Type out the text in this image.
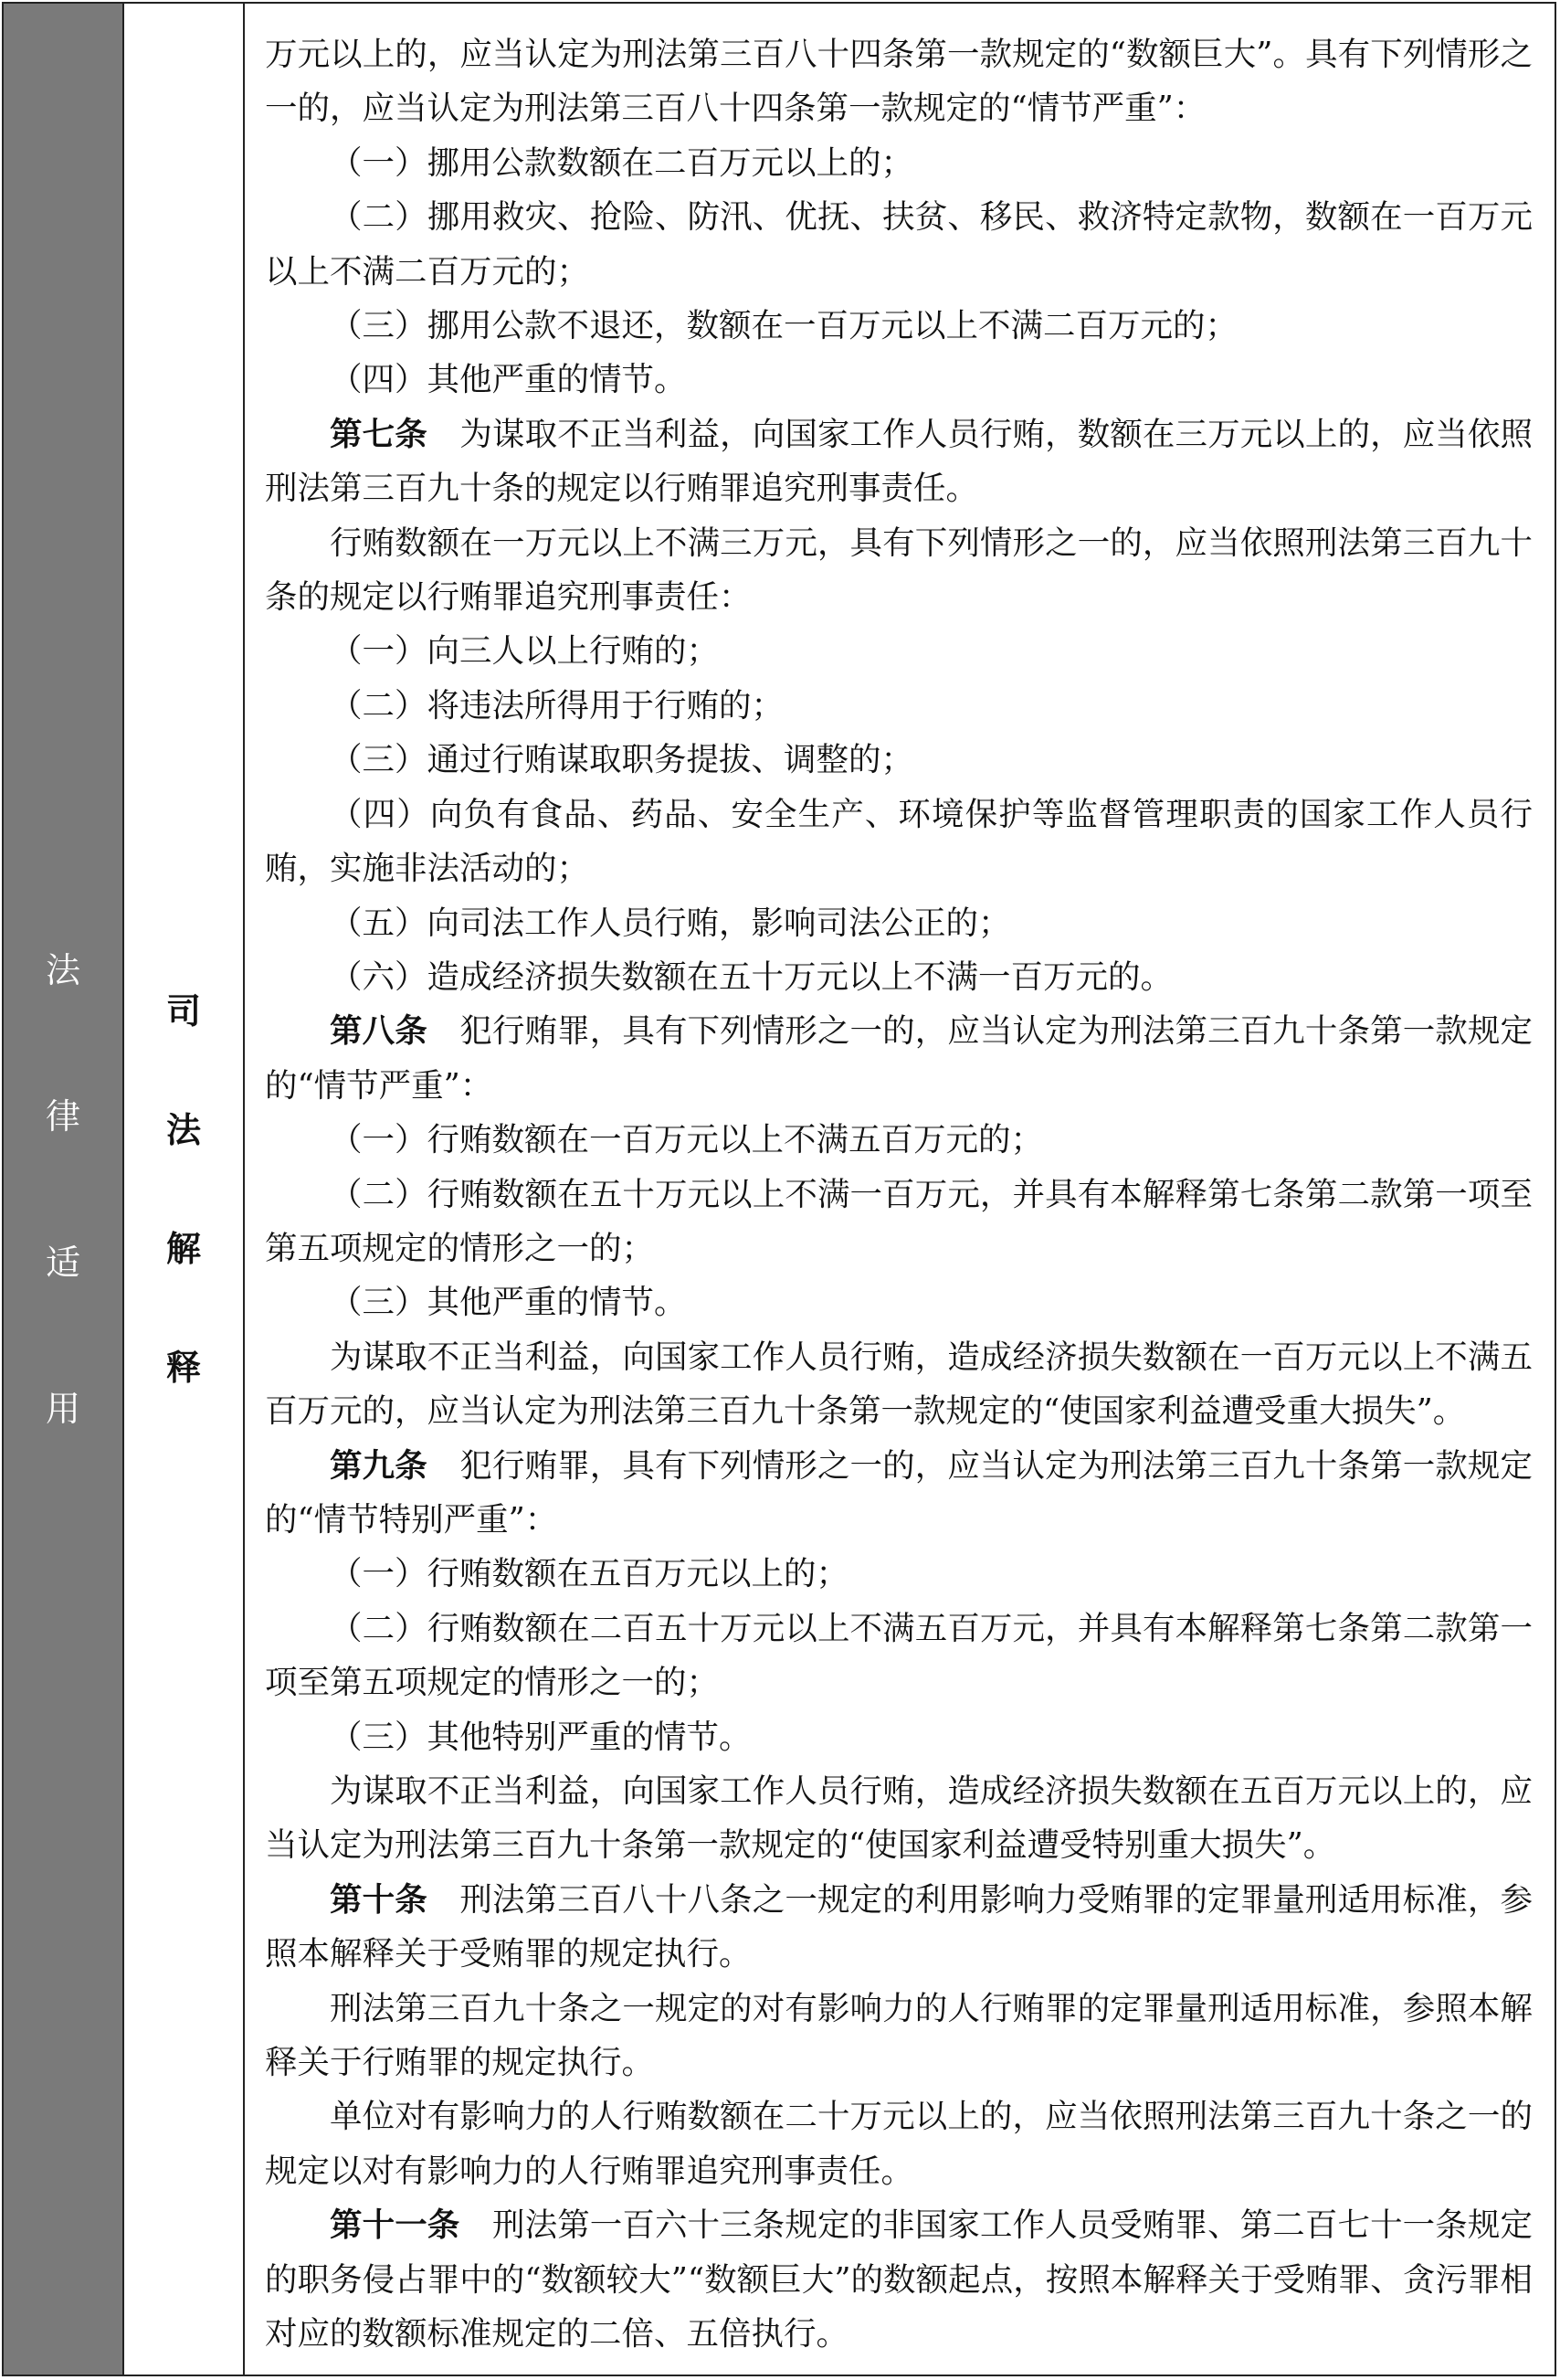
法
律
适
用
司
法
解
释

万元以上的，应当认定为刑法第三百八十四条第一款规定的“数额巨大”。具有下列情形之一的，应当认定为刑法第三百八十四条第一款规定的“情节严重”：

（一）挪用公款数额在二百万元以上的；

（二）挪用救灾、抢险、防汛、优抚、扶贫、移民、救济特定款物，数额在一百万元以上不满二百万元的；

（三）挪用公款不退还，数额在一百万元以上不满二百万元的；

（四）其他严重的情节。

第七条　 为谋取不正当利益，向国家工作人员行贿，数额在三万元以上的，应当依照刑法第三百九十条的规定以行贿罪追究刑事责任。

行贿数额在一万元以上不满三万元，具有下列情形之一的，应当依照刑法第三百九十条的规定以行贿罪追究刑事责任：

（一）向三人以上行贿的；

（二）将违法所得用于行贿的；

（三）通过行贿谋取职务提拔、调整的；

（四）向负有食品、药品、安全生产、环境保护等监督管理职责的国家工作人员行贿，实施非法活动的；

（五）向司法工作人员行贿，影响司法公正的；

（六）造成经济损失数额在五十万元以上不满一百万元的。

第八条　 犯行贿罪，具有下列情形之一的，应当认定为刑法第三百九十条第一款规定的“情节严重”：

（一）行贿数额在一百万元以上不满五百万元的；

（二）行贿数额在五十万元以上不满一百万元，并具有本解释第七条第二款第一项至第五项规定的情形之一的；

（三）其他严重的情节。

为谋取不正当利益，向国家工作人员行贿，造成经济损失数额在一百万元以上不满五百万元的，应当认定为刑法第三百九十条第一款规定的“使国家利益遭受重大损失”。

第九条　 犯行贿罪，具有下列情形之一的，应当认定为刑法第三百九十条第一款规定的“情节特别严重”：

（一）行贿数额在五百万元以上的；

（二）行贿数额在二百五十万元以上不满五百万元，并具有本解释第七条第二款第一项至第五项规定的情形之一的；

（三）其他特别严重的情节。

为谋取不正当利益，向国家工作人员行贿，造成经济损失数额在五百万元以上的，应当认定为刑法第三百九十条第一款规定的“使国家利益遭受特别重大损失”。

第十条　 刑法第三百八十八条之一规定的利用影响力受贿罪的定罪量刑适用标准，参照本解释关于受贿罪的规定执行。

刑法第三百九十条之一规定的对有影响力的人行贿罪的定罪量刑适用标准，参照本解释关于行贿罪的规定执行。

单位对有影响力的人行贿数额在二十万元以上的，应当依照刑法第三百九十条之一的规定以对有影响力的人行贿罪追究刑事责任。

第十一条　 刑法第一百六十三条规定的非国家工作人员受贿罪、第二百七十一条规定的职务侵占罪中的“数额较大”“数额巨大”的数额起点，按照本解释关于受贿罪、贪污罪相对应的数额标准规定的二倍、五倍执行。
